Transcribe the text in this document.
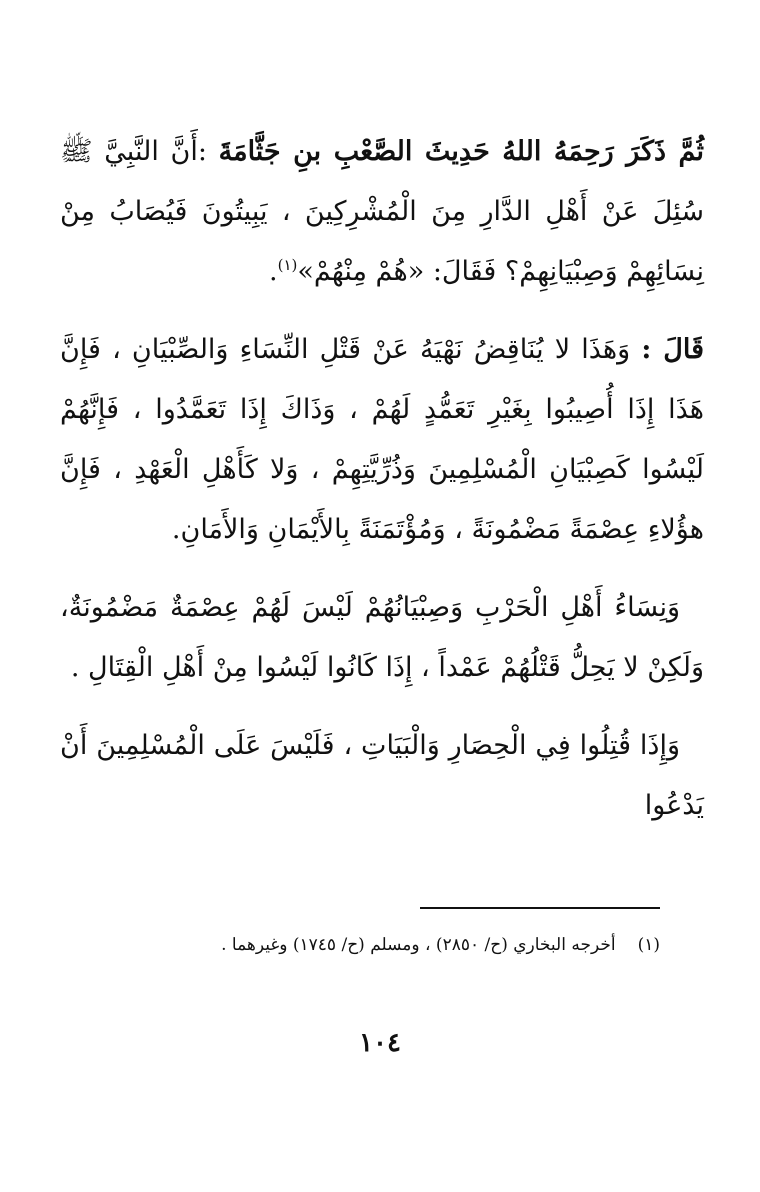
ثُمَّ ذَكَرَ رَحِمَهُ اللهُ حَدِيثَ الصَّعْبِ بنِ جَثَّامَةَ :أَنَّ النَّبِيَّ ﷺ سُئِلَ عَنْ أَهْلِ الدَّارِ مِنَ الْمُشْرِكِينَ ، يَبِيتُونَ فَيُصَابُ مِنْ نِسَائِهِمْ وَصِبْيَانِهِمْ؟ فَقَالَ: «هُمْ مِنْهُمْ»$^{(١)}$.

قَالَ : وَهَذَا لا يُنَاقِضُ نَهْيَهُ عَنْ قَتْلِ النِّسَاءِ وَالصِّبْيَانِ ، فَإِنَّ هَذَا إِذَا أُصِيبُوا بِغَيْرِ تَعَمُّدٍ لَهُمْ ، وَذَاكَ إِذَا تَعَمَّدُوا ، فَإِنَّهُمْ لَيْسُوا كَصِبْيَانِ الْمُسْلِمِينَ وَذُرِّيَّتِهِمْ ، وَلا كَأَهْلِ الْعَهْدِ ، فَإِنَّ هؤُلاءِ عِصْمَةً مَضْمُونَةً ، وَمُؤْتَمَنَةً بِالأَيْمَانِ وَالأَمَانِ.

وَنِسَاءُ أَهْلِ الْحَرْبِ وَصِبْيَانُهُمْ لَيْسَ لَهُمْ عِصْمَةٌ مَضْمُونَةٌ، وَلَكِنْ لا يَحِلُّ قَتْلُهُمْ عَمْداً ، إِذَا كَانُوا لَيْسُوا مِنْ أَهْلِ الْقِتَالِ .

وَإِذَا قُتِلُوا فِي الْحِصَارِ وَالْبَيَاتِ ، فَلَيْسَ عَلَى الْمُسْلِمِينَ أَنْ يَدْعُوا

(١)أخرجه البخاري (ح/ ٢٨٥٠) ، ومسلم (ح/ ١٧٤٥) وغيرهما .
١٠٤
